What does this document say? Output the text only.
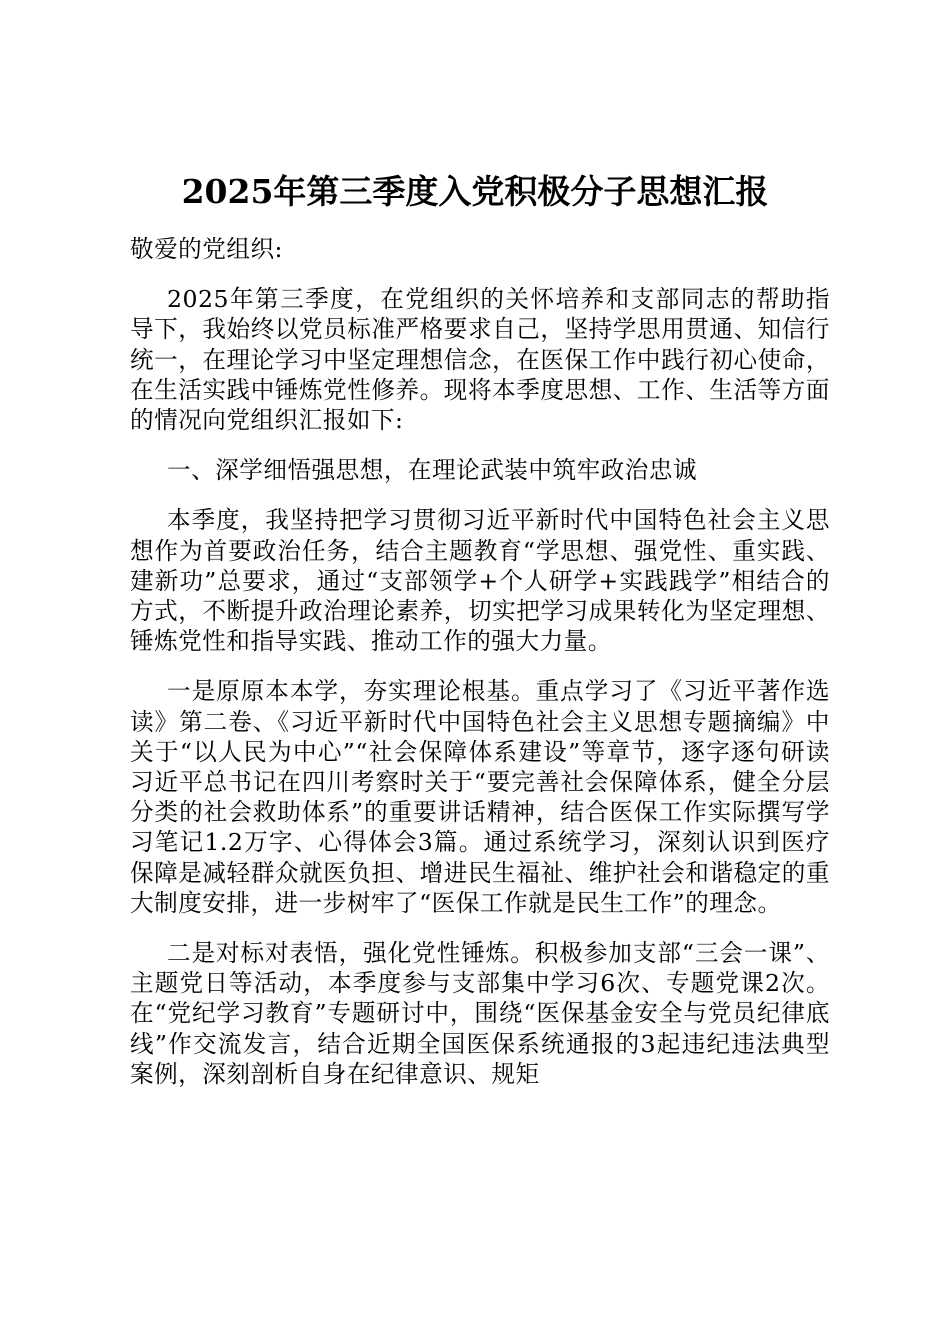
2025年第三季度入党积极分子思想汇报

敬爱的党组织:

2025年第三季度，在党组织的关怀培养和支部同志的帮助指导下，我始终以党员标准严格要求自己，坚持学思用贯通、知信行统一，在理论学习中坚定理想信念，在医保工作中践行初心使命，在生活实践中锤炼党性修养。现将本季度思想、工作、生活等方面的情况向党组织汇报如下:

一、深学细悟强思想，在理论武装中筑牢政治忠诚

本季度，我坚持把学习贯彻习近平新时代中国特色社会主义思想作为首要政治任务，结合主题教育“学思想、强党性、重实践、建新功”总要求，通过“支部领学+个人研学+实践践学”相结合的方式，不断提升政治理论素养，切实把学习成果转化为坚定理想、锤炼党性和指导实践、推动工作的强大力量。

一是原原本本学，夯实理论根基。重点学习了《习近平著作选读》第二卷、《习近平新时代中国特色社会主义思想专题摘编》中关于“以人民为中心”“社会保障体系建设”等章节，逐字逐句研读习近平总书记在四川考察时关于“要完善社会保障体系，健全分层分类的社会救助体系”的重要讲话精神，结合医保工作实际撰写学习笔记1.2万字、心得体会3篇。通过系统学习，深刻认识到医疗保障是减轻群众就医负担、增进民生福祉、维护社会和谐稳定的重大制度安排，进一步树牢了“医保工作就是民生工作”的理念。

二是对标对表悟，强化党性锤炼。积极参加支部“三会一课”、主题党日等活动，本季度参与支部集中学习6次、专题党课2次。在“党纪学习教育”专题研讨中，围绕“医保基金安全与党员纪律底线”作交流发言，结合近期全国医保系统通报的3起违纪违法典型案例，深刻剖析自身在纪律意识、规矩
